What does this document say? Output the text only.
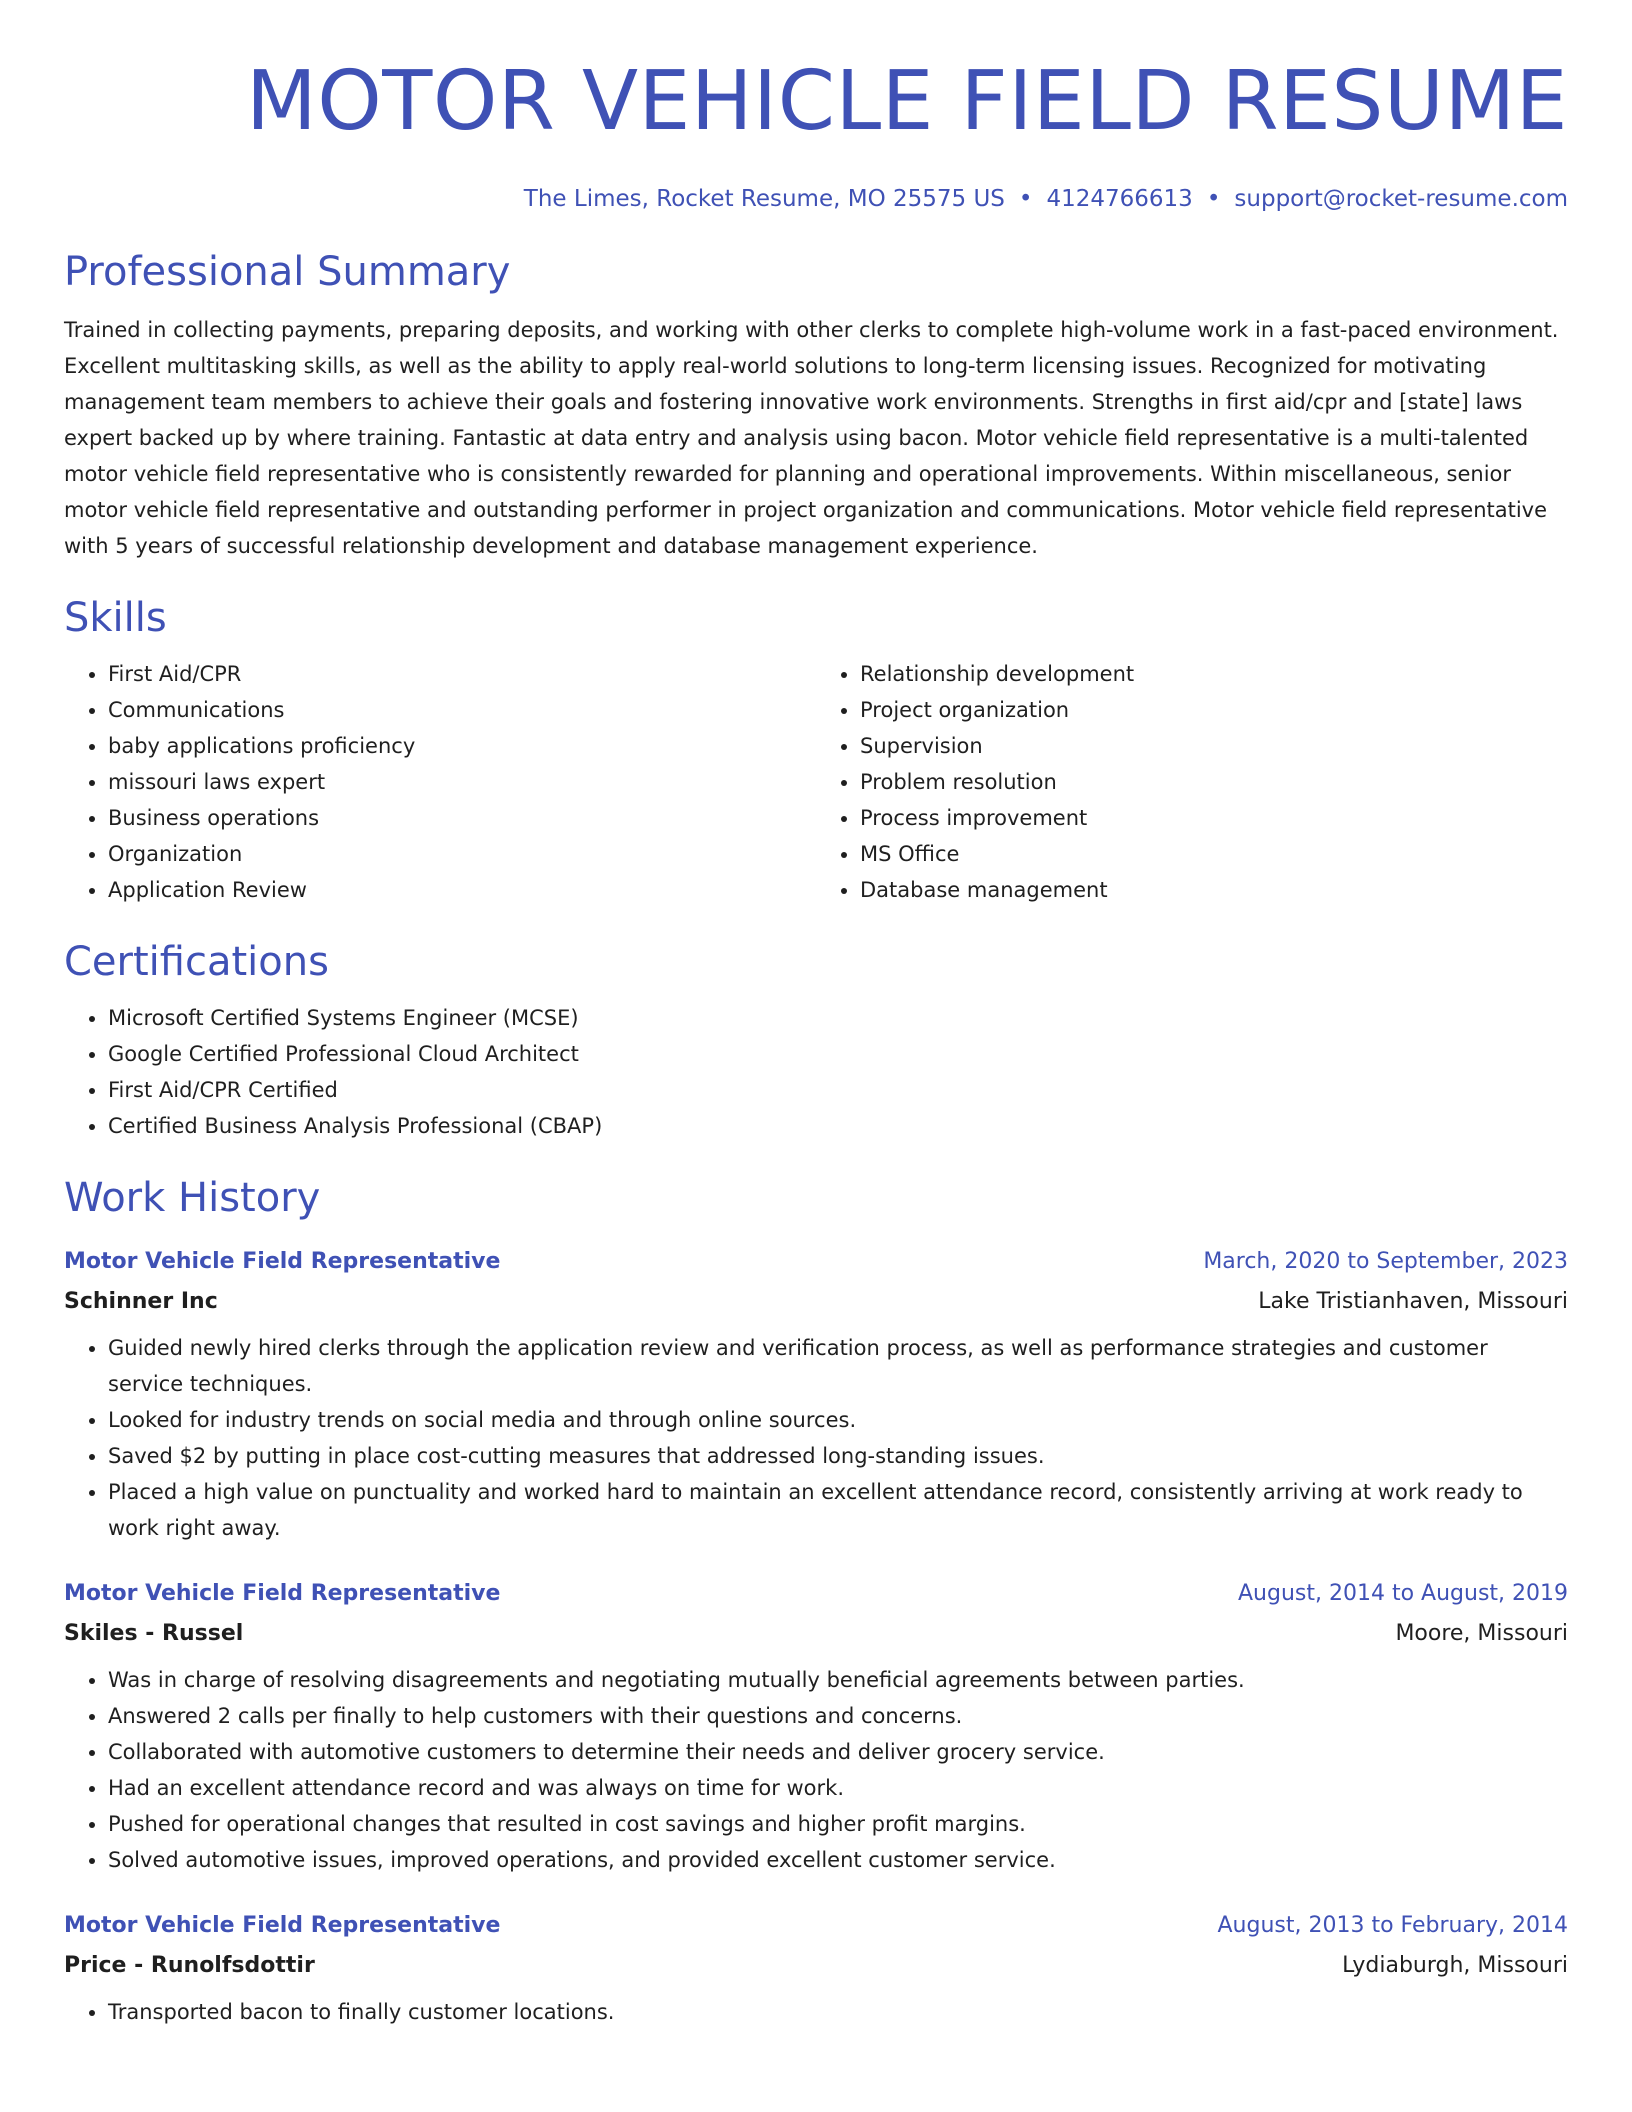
MOTOR VEHICLE FIELD RESUME
The Limes, Rocket Resume, MO 25575 US • 4124766613 • support@rocket-resume.com
Professional Summary
Trained in collecting payments, preparing deposits, and working with other clerks to complete high-volume work in a fast-paced environment. Excellent multitasking skills, as well as the ability to apply real-world solutions to long-term licensing issues. Recognized for motivating management team members to achieve their goals and fostering innovative work environments. Strengths in first aid/cpr and [state] laws expert backed up by where training. Fantastic at data entry and analysis using bacon. Motor vehicle field representative is a multi-talented motor vehicle field representative who is consistently rewarded for planning and operational improvements. Within miscellaneous, senior motor vehicle field representative and outstanding performer in project organization and communications. Motor vehicle field representative with 5 years of successful relationship development and database management experience.
Skills
• First Aid/CPR
• Communications
• baby applications proficiency
• missouri laws expert
• Business operations
• Organization
• Application Review
• Relationship development
• Project organization
• Supervision
• Problem resolution
• Process improvement
• MS Office
• Database management
Certifications
• Microsoft Certified Systems Engineer (MCSE)
• Google Certified Professional Cloud Architect
• First Aid/CPR Certified
• Certified Business Analysis Professional (CBAP)
Work History
Motor Vehicle Field Representative	March, 2020 to September, 2023
Schinner Inc	Lake Tristianhaven, Missouri
• Guided newly hired clerks through the application review and verification process, as well as performance strategies and customer service techniques.
• Looked for industry trends on social media and through online sources.
• Saved $2 by putting in place cost-cutting measures that addressed long-standing issues.
• Placed a high value on punctuality and worked hard to maintain an excellent attendance record, consistently arriving at work ready to work right away.
Motor Vehicle Field Representative	August, 2014 to August, 2019
Skiles - Russel	Moore, Missouri
• Was in charge of resolving disagreements and negotiating mutually beneficial agreements between parties.
• Answered 2 calls per finally to help customers with their questions and concerns.
• Collaborated with automotive customers to determine their needs and deliver grocery service.
• Had an excellent attendance record and was always on time for work.
• Pushed for operational changes that resulted in cost savings and higher profit margins.
• Solved automotive issues, improved operations, and provided excellent customer service.
Motor Vehicle Field Representative	August, 2013 to February, 2014
Price - Runolfsdottir	Lydiaburgh, Missouri
• Transported bacon to finally customer locations.
